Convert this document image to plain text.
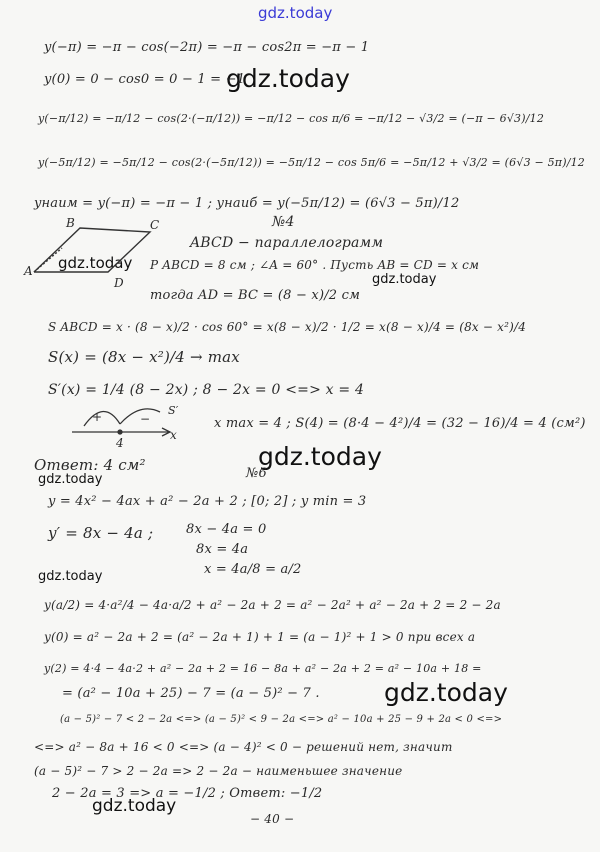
gdz.today
gdz.today
gdz.today
gdz.today
gdz.today
gdz.today
gdz.today
gdz.today
gdz.today
y(−π) = −π − cos(−2π) = −π − cos2π = −π − 1
y(0) = 0 − cos0 = 0 − 1 = −1
y(−π/12) = −π/12 − cos(2·(−π/12)) = −π/12 − cos π/6 = −π/12 − √3/2 = (−π − 6√3)/12
y(−5π/12) = −5π/12 − cos(2·(−5π/12)) = −5π/12 − cos 5π/6 = −5π/12 + √3/2 = (6√3 − 5π)/12
yнаим = y(−π) = −π − 1 ; yнаиб = y(−5π/12) = (6√3 − 5π)/12
№4
ABCD − параллелограмм
P ABCD = 8 см ; ∠A = 60° . Пусть AB = CD = x см
тогда AD = BC = (8 − x)/2 см
S ABCD = x · (8 − x)/2 · cos 60° = x(8 − x)/2 · 1/2 = x(8 − x)/4 = (8x − x²)/4
S(x) = (8x − x²)/4 → max
S′(x) = 1/4 (8 − 2x) ; 8 − 2x = 0 <=> x = 4
x max = 4 ; S(4) = (8·4 − 4²)/4 = (32 − 16)/4 = 4 (см²)
Ответ: 4 см²
B	C
A
D
+	−
4
x
S′
№6
y = 4x² − 4ax + a² − 2a + 2 ; [0; 2] ; y min = 3
y′ = 8x − 4a ;	8x − 4a = 0
8x = 4a
x = 4a/8 = a/2
y(a/2) = 4·a²/4 − 4a·a/2 + a² − 2a + 2 = a² − 2a² + a² − 2a + 2 = 2 − 2a
y(0) = a² − 2a + 2 = (a² − 2a + 1) + 1 = (a − 1)² + 1 > 0 при всех a
y(2) = 4·4 − 4a·2 + a² − 2a + 2 = 16 − 8a + a² − 2a + 2 = a² − 10a + 18 =
= (a² − 10a + 25) − 7 = (a − 5)² − 7 .
(a − 5)² − 7 < 2 − 2a <=> (a − 5)² < 9 − 2a <=> a² − 10a + 25 − 9 + 2a < 0 <=>
<=> a² − 8a + 16 < 0 <=> (a − 4)² < 0 − решений нет, значит
(a − 5)² − 7 > 2 − 2a => 2 − 2a − наименьшее значение
2 − 2a = 3 => a = −1/2 ; Ответ: −1/2
− 40 −
